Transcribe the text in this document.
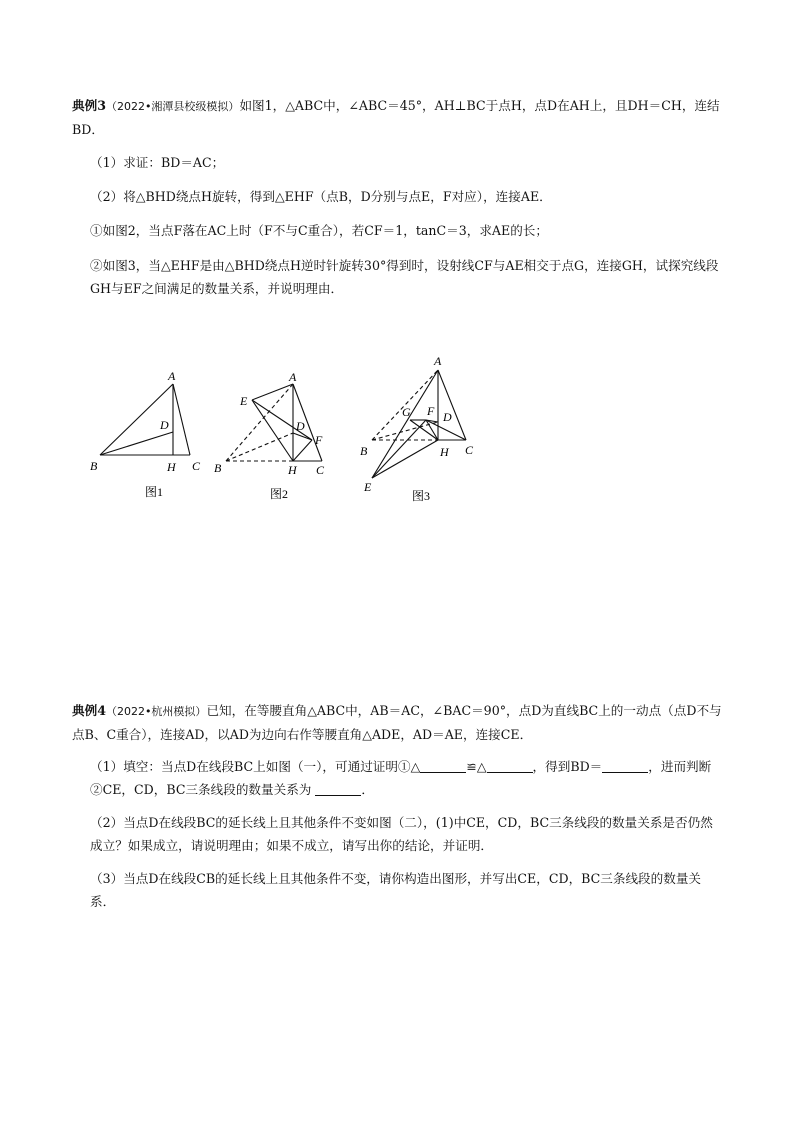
典例3（2022•湘潭县校级模拟）如图1，△ABC中，∠ABC＝45°，AH⊥BC于点H，点D在AH上，且DH＝CH，连结BD．
（1）求证：BD＝AC；
（2）将△BHD绕点H旋转，得到△EHF（点B，D分别与点E，F对应），连接AE．
①如图2，当点F落在AC上时（F不与C重合），若CF＝1，tanC＝3，求AE的长；
②如图3，当△EHF是由△BHD绕点H逆时针旋转30°得到时，设射线CF与AE相交于点G，连接GH，试探究线段GH与EF之间满足的数量关系，并说明理由．
A
B	C
D
H
图1
A
E
D
F
B	H C
图2
A
G F D
B	H C
E
图3
典例4（2022•杭州模拟）已知，在等腰直角△ABC中，AB＝AC，∠BAC＝90°，点D为直线BC上的一动点（点D不与点B、C重合），连接AD，以AD为边向右作等腰直角△ADE，AD＝AE，连接CE．
（1）填空：当点D在线段BC上如图（一），可通过证明①△	≌△	，得到BD＝	，进而判断②CE，CD，BC三条线段的数量关系为	．
（2）当点D在线段BC的延长线上且其他条件不变如图（二），(1)中CE，CD，BC三条线段的数量关系是否仍然成立？如果成立，请说明理由；如果不成立，请写出你的结论，并证明．
（3）当点D在线段CB的延长线上且其他条件不变，请你构造出图形，并写出CE，CD，BC三条线段的数量关系．
